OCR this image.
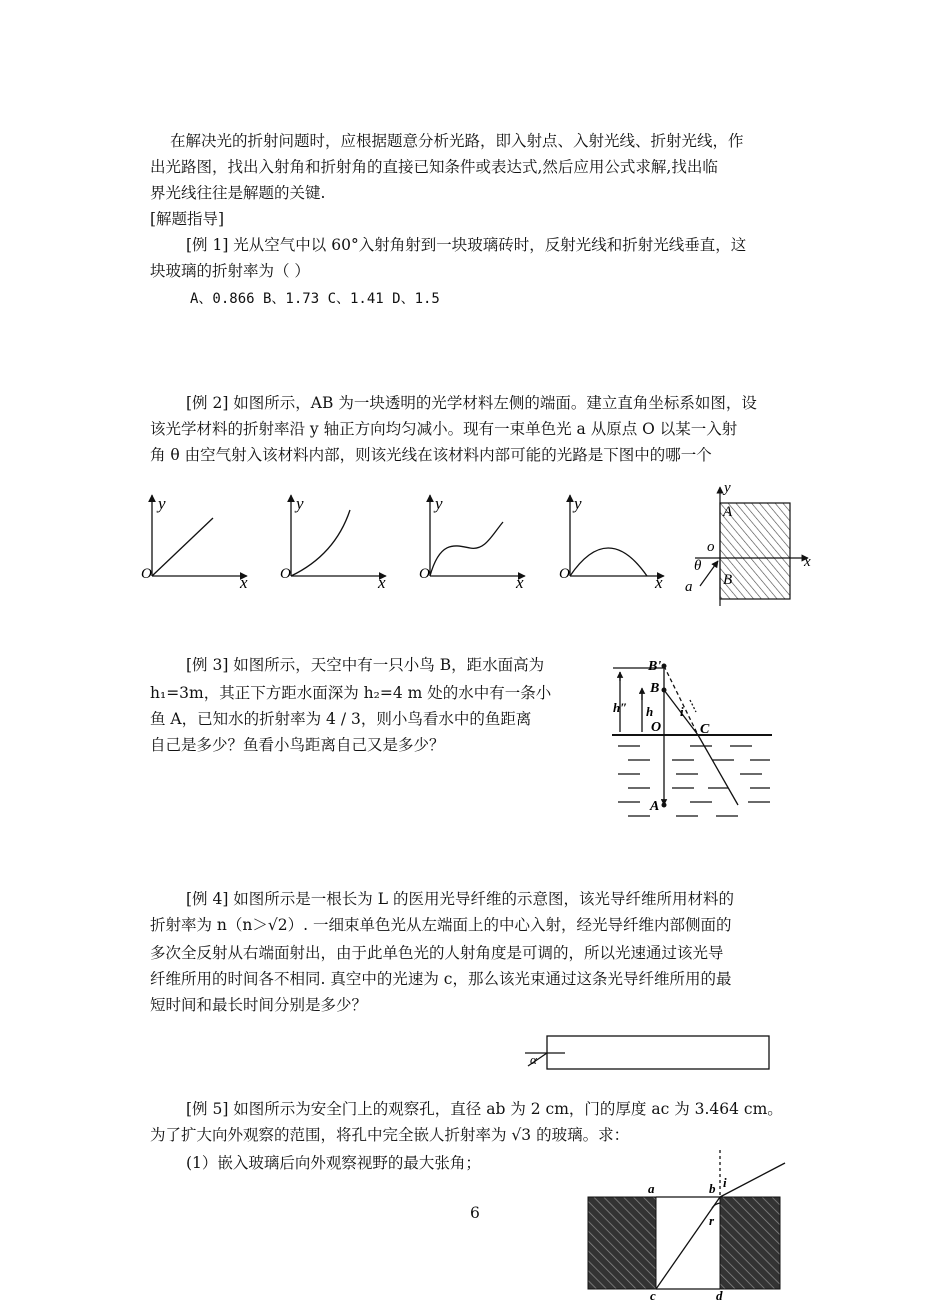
在解决光的折射问题时，应根据题意分析光路，即入射点、入射光线、折射光线，作
出光路图，找出入射角和折射角的直接已知条件或表达式,然后应用公式求解,找出临
界光线往往是解题的关键.
[解题指导]
[例 1] 光从空气中以 60°入射角射到一块玻璃砖时，反射光线和折射光线垂直，这
块玻璃的折射率为（ ）
A、0.866 B、1.73 C、1.41 D、1.5
[例 2] 如图所示，AB 为一块透明的光学材料左侧的端面。建立直角坐标系如图，设
该光学材料的折射率沿 y 轴正方向均匀减小。现有一束单色光 a 从原点 O 以某一入射
角 θ 由空气射入该材料内部，则该光线在该材料内部可能的光路是下图中的哪一个
y
x
O
y
x
O
y
x
O
y
x
O
y
A
o
x
θ
B
a
[例 3] 如图所示，天空中有一只小鸟 B，距水面高为
h₁=3m，其正下方距水面深为 h₂=4 m 处的水中有一条小
鱼 A，已知水的折射率为 4 / 3，则小鸟看水中的鱼距离
自己是多少？鱼看小鸟距离自己又是多少？
B'
B
h″ h
O
i
C
A
[例 4] 如图所示是一根长为 L 的医用光导纤维的示意图，该光导纤维所用材料的
折射率为 n（n＞√2）. 一细束单色光从左端面上的中心入射，经光导纤维内部侧面的
多次全反射从右端面射出，由于此单色光的人射角度是可调的，所以光速通过该光导
纤维所用的时间各不相同. 真空中的光速为 c，那么该光束通过这条光导纤维所用的最
短时间和最长时间分别是多少？
α
[例 5] 如图所示为安全门上的观察孔，直径 ab 为 2 cm，门的厚度 ac 为 3.464 cm。
为了扩大向外观察的范围，将孔中完全嵌人折射率为 √3 的玻璃。求：
(1）嵌入玻璃后向外观察视野的最大张角；
a	b i
r
c	d
6
